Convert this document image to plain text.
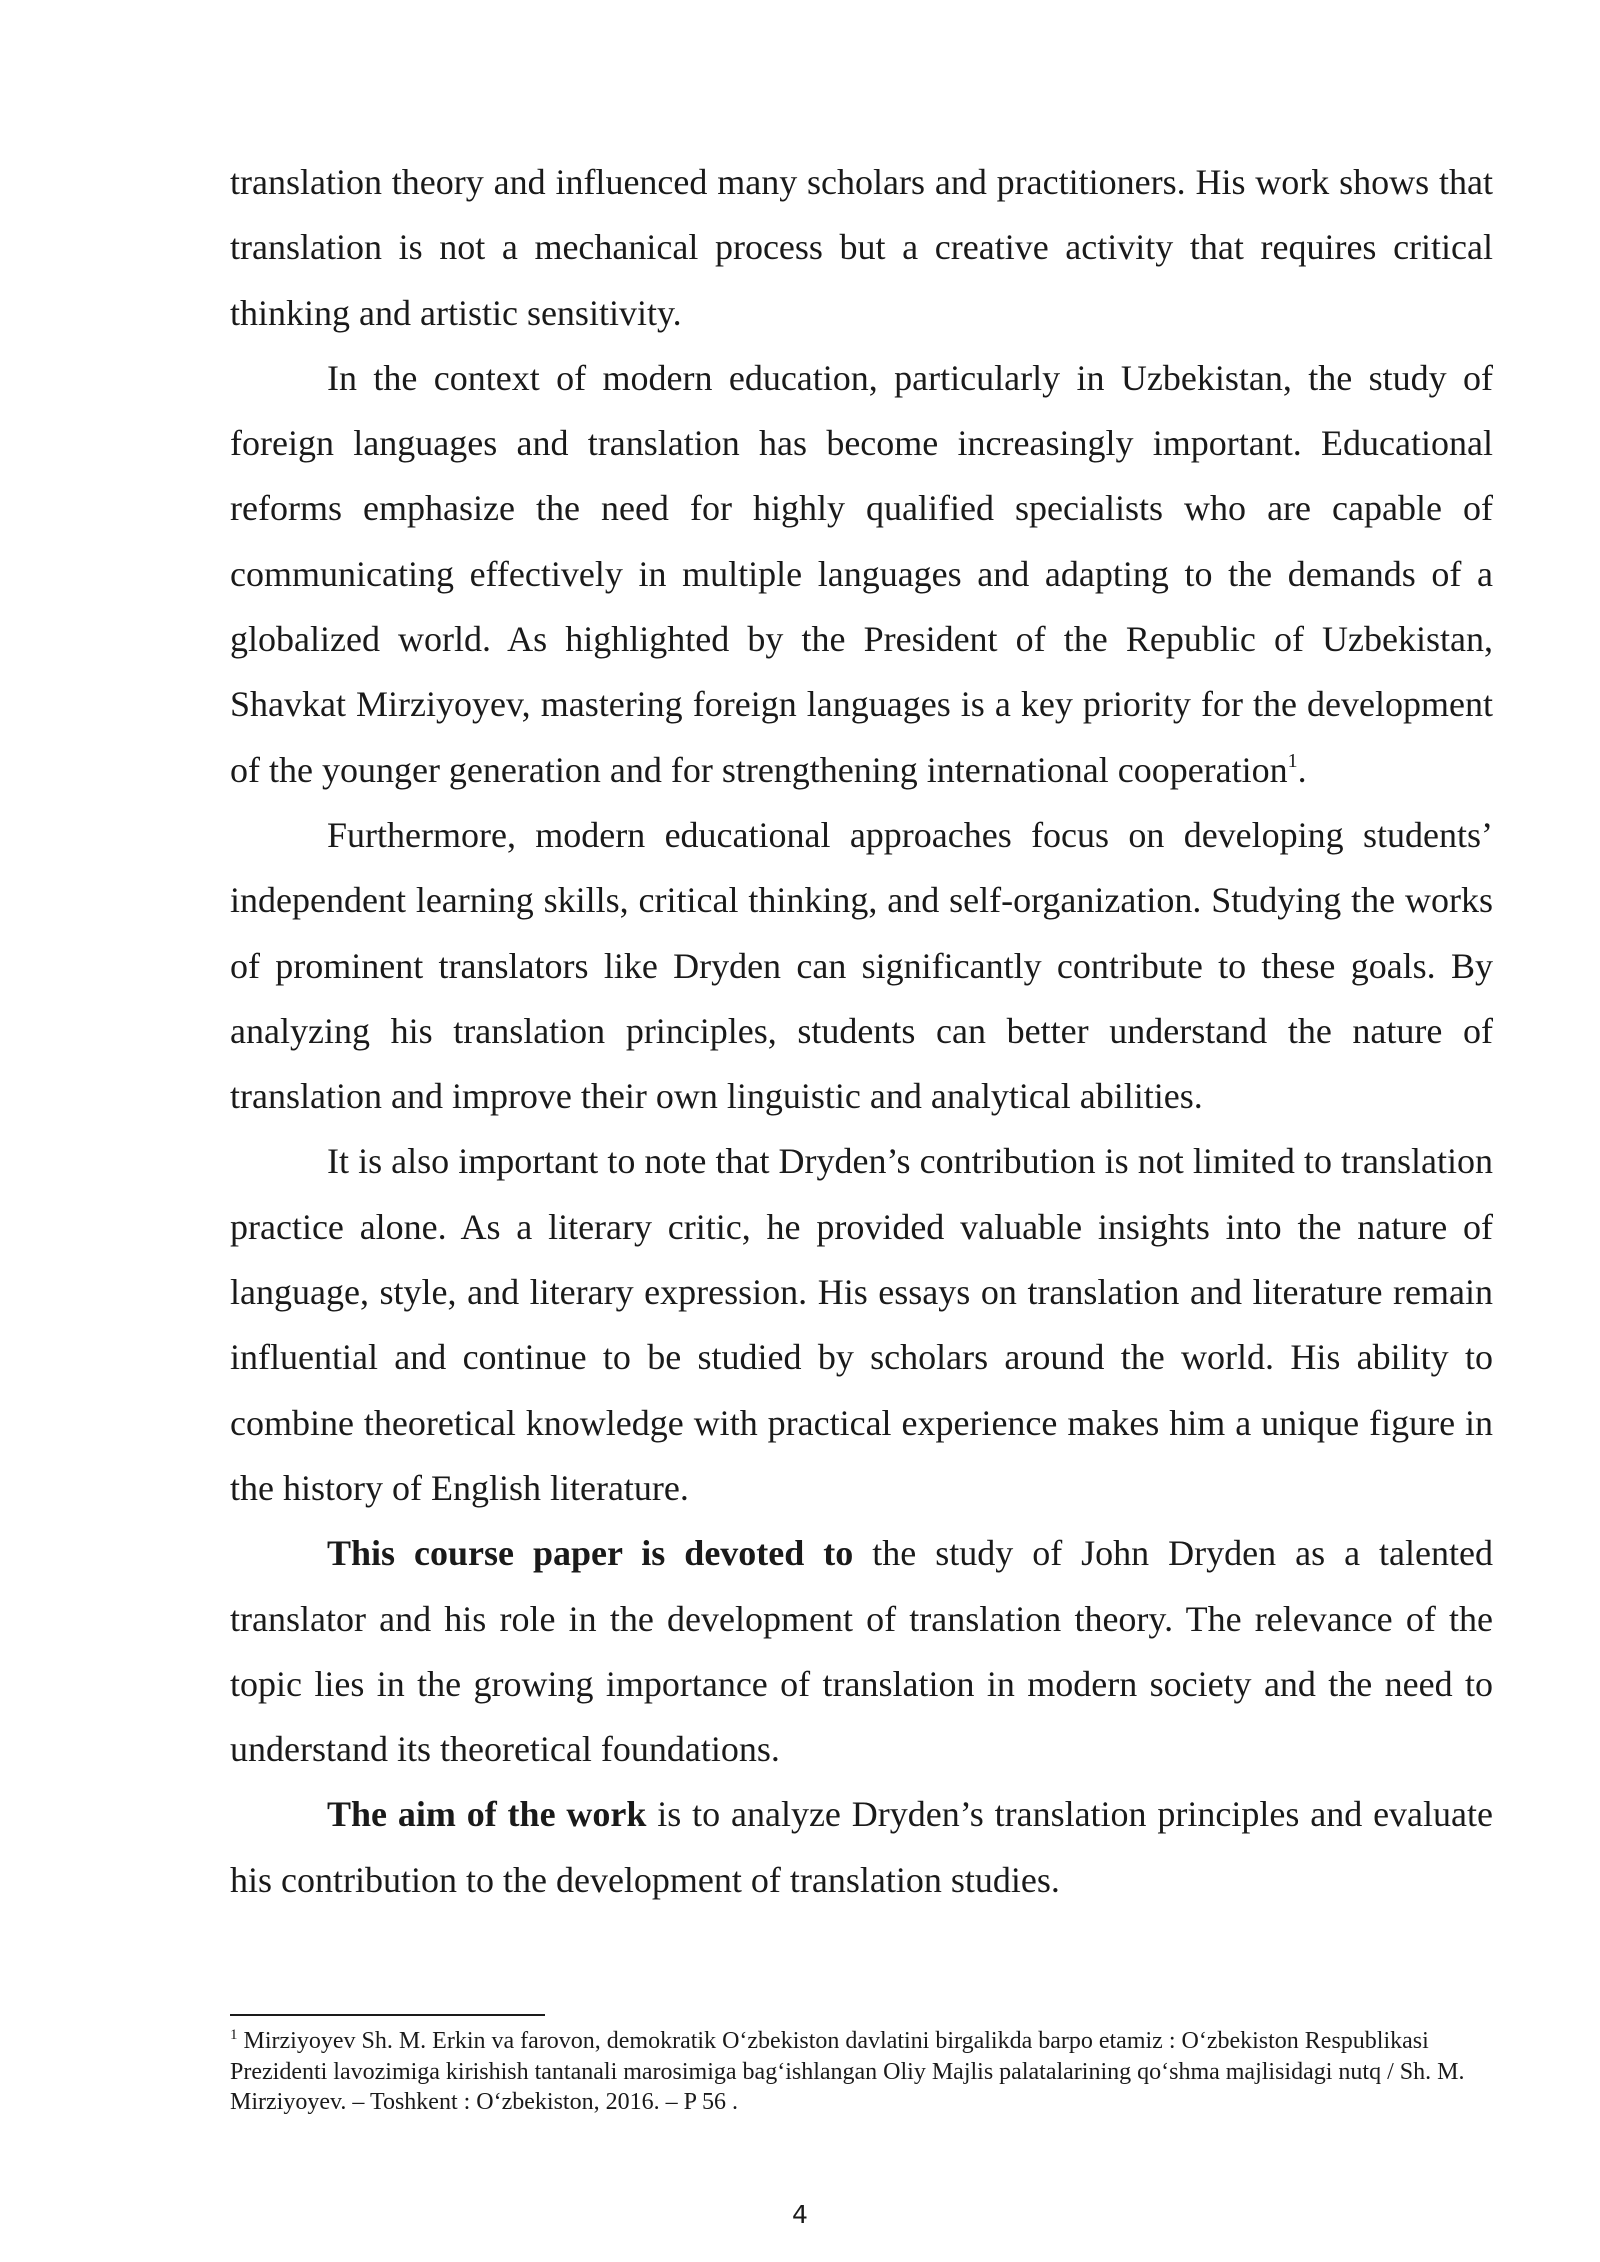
translation theory and influenced many scholars and practitioners. His work shows that translation is not a mechanical process but a creative activity that requires critical thinking and artistic sensitivity.

In the context of modern education, particularly in Uzbekistan, the study of foreign languages and translation has become increasingly important. Educational reforms emphasize the need for highly qualified specialists who are capable of communicating effectively in multiple languages and adapting to the demands of a globalized world. As highlighted by the President of the Republic of Uzbekistan, Shavkat Mirziyoyev, mastering foreign languages is a key priority for the development of the younger generation and for strengthening international cooperation$^1$.

Furthermore, modern educational approaches focus on developing students’ independent learning skills, critical thinking, and self-organization. Studying the works of prominent translators like Dryden can significantly contribute to these goals. By analyzing his translation principles, students can better understand the nature of translation and improve their own linguistic and analytical abilities.

It is also important to note that Dryden’s contribution is not limited to translation practice alone. As a literary critic, he provided valuable insights into the nature of language, style, and literary expression. His essays on translation and literature remain influential and continue to be studied by scholars around the world. His ability to combine theoretical knowledge with practical experience makes him a unique figure in the history of English literature.

This course paper is devoted to the study of John Dryden as a talented translator and his role in the development of translation theory. The relevance of the topic lies in the growing importance of translation in modern society and the need to understand its theoretical foundations.

The aim of the work is to analyze Dryden’s translation principles and evaluate his contribution to the development of translation studies.

$^1$ Mirziyoyev Sh. M. Erkin va farovon, demokratik O‘zbekiston davlatini birgalikda barpo etamiz : O‘zbekiston Respublikasi Prezidenti lavozimiga kirishish tantanali marosimiga bag‘ishlangan Oliy Majlis palatalarining qo‘shma majlisidagi nutq / Sh. M. Mirziyoyev. – Toshkent : O‘zbekiston, 2016. – P 56 .

4
